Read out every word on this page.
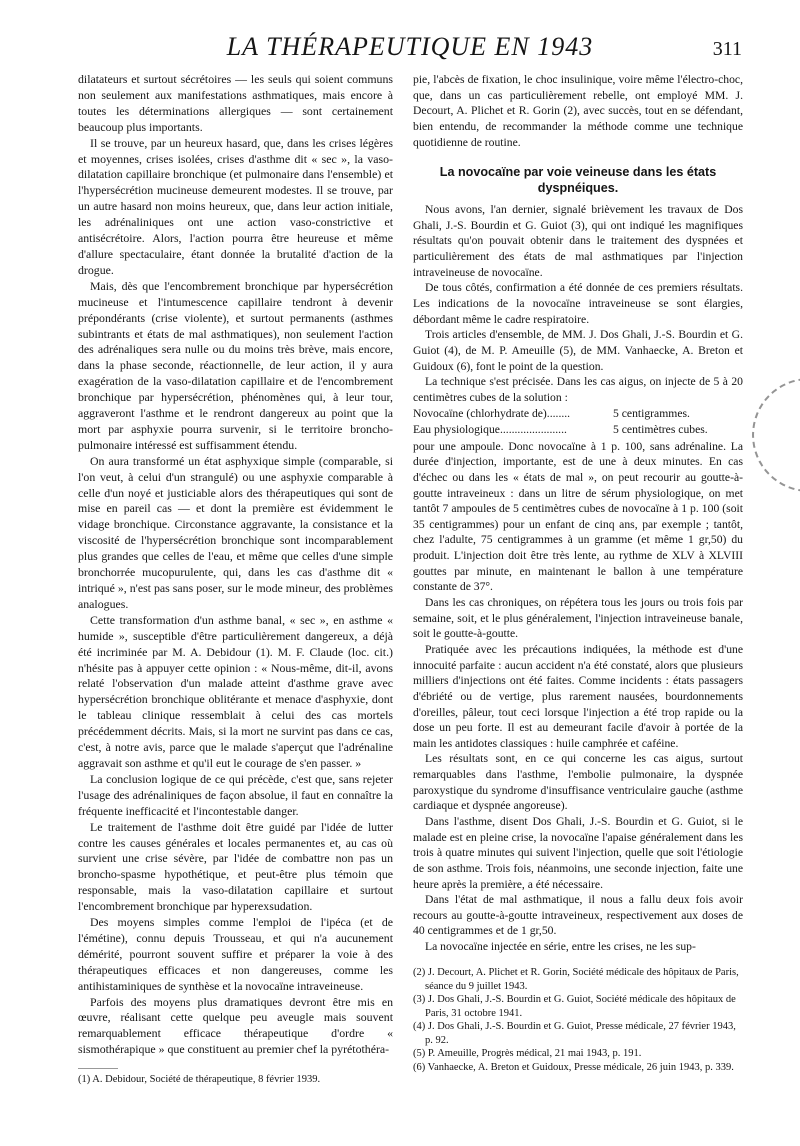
LA THÉRAPEUTIQUE EN 1943	311

dilatateurs et surtout sécrétoires — les seuls qui soient communs non seulement aux manifestations asthmatiques, mais encore à toutes les déterminations allergiques — sont certainement beaucoup plus importants.

Il se trouve, par un heureux hasard, que, dans les crises légères et moyennes, crises isolées, crises d'asthme dit « sec », la vaso-dilatation capillaire bronchique (et pulmonaire dans l'ensemble) et l'hypersécrétion mucineuse demeurent modestes. Il se trouve, par un autre hasard non moins heureux, que, dans leur action initiale, les adrénaliniques ont une action vaso-constrictive et antisécrétoire. Alors, l'action pourra être heureuse et même d'allure spectaculaire, étant donnée la brutalité d'action de la drogue.

Mais, dès que l'encombrement bronchique par hypersécrétion mucineuse et l'intumescence capillaire tendront à devenir prépondérants (crise violente), et surtout permanents (asthmes subintrants et états de mal asthmatiques), non seulement l'action des adrénaliques sera nulle ou du moins très brève, mais encore, dans la phase seconde, réactionnelle, de leur action, il y aura exagération de la vaso-dilatation capillaire et de l'encombrement bronchique par hypersécrétion, phénomènes qui, à leur tour, aggraveront l'asthme et le rendront dangereux au point que la mort par asphyxie pourra survenir, si le territoire broncho-pulmonaire intéressé est suffisamment étendu.

On aura transformé un état asphyxique simple (comparable, si l'on veut, à celui d'un strangulé) ou une asphyxie comparable à celle d'un noyé et justiciable alors des thérapeutiques qui sont de mise en pareil cas — et dont la première est évidemment le vidage bronchique. Circonstance aggravante, la consistance et la viscosité de l'hypersécrétion bronchique sont incomparablement plus grandes que celles de l'eau, et même que celles d'une simple bronchorrée mucopurulente, qui, dans les cas d'asthme dit « intriqué », n'est pas sans poser, sur le mode mineur, des problèmes analogues.

Cette transformation d'un asthme banal, « sec », en asthme « humide », susceptible d'être particulièrement dangereux, a déjà été incriminée par M. A. Debidour (1). M. F. Claude (loc. cit.) n'hésite pas à appuyer cette opinion : « Nous-même, dit-il, avons relaté l'observation d'un malade atteint d'asthme grave avec hypersécrétion bronchique oblitérante et menace d'asphyxie, dont le tableau clinique ressemblait à celui des cas mortels précédemment décrits. Mais, si la mort ne survint pas dans ce cas, c'est, à notre avis, parce que le malade s'aperçut que l'adrénaline aggravait son asthme et qu'il eut le courage de s'en passer. »

La conclusion logique de ce qui précède, c'est que, sans rejeter l'usage des adrénaliniques de façon absolue, il faut en connaître la fréquente inefficacité et l'incontestable danger.

Le traitement de l'asthme doit être guidé par l'idée de lutter contre les causes générales et locales permanentes et, au cas où survient une crise sévère, par l'idée de combattre non pas un broncho-spasme hypothétique, et peut-être plus témoin que responsable, mais la vaso-dilatation capillaire et surtout l'encombrement bronchique par hyperexsudation.

Des moyens simples comme l'emploi de l'ipéca (et de l'émétine), connu depuis Trousseau, et qui n'a aucunement démérité, pourront souvent suffire et préparer la voie à des thérapeutiques efficaces et non dangereuses, comme les antihistaminiques de synthèse et la novocaïne intraveineuse.

Parfois des moyens plus dramatiques devront être mis en œuvre, réalisant cette quelque peu aveugle mais souvent remarquablement efficace thérapeutique d'ordre « sismothérapique » que constituent au premier chef la pyrétothéra-

(1) A. Debidour, Société de thérapeutique, 8 février 1939.

pie, l'abcès de fixation, le choc insulinique, voire même l'électro-choc, que, dans un cas particulièrement rebelle, ont employé MM. J. Decourt, A. Plichet et R. Gorin (2), avec succès, tout en se défendant, bien entendu, de recommander la méthode comme une technique quotidienne de routine.

La novocaïne par voie veineuse dans les états dyspnéiques.

Nous avons, l'an dernier, signalé brièvement les travaux de Dos Ghali, J.-S. Bourdin et G. Guiot (3), qui ont indiqué les magnifiques résultats qu'on pouvait obtenir dans le traitement des dyspnées et particulièrement des états de mal asthmatiques par l'injection intraveineuse de novocaïne.

De tous côtés, confirmation a été donnée de ces premiers résultats. Les indications de la novocaïne intraveineuse se sont élargies, débordant même le cadre respiratoire.

Trois articles d'ensemble, de MM. J. Dos Ghali, J.-S. Bourdin et G. Guiot (4), de M. P. Ameuille (5), de MM. Vanhaecke, A. Breton et Guidoux (6), font le point de la question.

La technique s'est précisée. Dans les cas aigus, on injecte de 5 à 20 centimètres cubes de la solution :

Novocaïne (chlorhydrate de)........	5 centigrammes.
Eau physiologique.......................	5 centimètres cubes.

pour une ampoule. Donc novocaïne à 1 p. 100, sans adrénaline. La durée d'injection, importante, est de une à deux minutes. En cas d'échec ou dans les « états de mal », on peut recourir au goutte-à-goutte intraveineux : dans un litre de sérum physiologique, on met tantôt 7 ampoules de 5 centimètres cubes de novocaïne à 1 p. 100 (soit 35 centigrammes) pour un enfant de cinq ans, par exemple ; tantôt, chez l'adulte, 75 centigrammes à un gramme (et même 1 gr,50) du produit. L'injection doit être très lente, au rythme de XLV à XLVIII gouttes par minute, en maintenant le ballon à une température constante de 37°.

Dans les cas chroniques, on répétera tous les jours ou trois fois par semaine, soit, et le plus généralement, l'injection intraveineuse banale, soit le goutte-à-goutte.

Pratiquée avec les précautions indiquées, la méthode est d'une innocuité parfaite : aucun accident n'a été constaté, alors que plusieurs milliers d'injections ont été faites. Comme incidents : états passagers d'ébriété ou de vertige, plus rarement nausées, bourdonnements d'oreilles, pâleur, tout ceci lorsque l'injection a été trop rapide ou la dose un peu forte. Il est au demeurant facile d'avoir à portée de la main les antidotes classiques : huile camphrée et caféine.

Les résultats sont, en ce qui concerne les cas aigus, surtout remarquables dans l'asthme, l'embolie pulmonaire, la dyspnée paroxystique du syndrome d'insuffisance ventriculaire gauche (asthme cardiaque et dyspnée angoreuse).

Dans l'asthme, disent Dos Ghali, J.-S. Bourdin et G. Guiot, si le malade est en pleine crise, la novocaïne l'apaise généralement dans les trois à quatre minutes qui suivent l'injection, quelle que soit l'étiologie de son asthme. Trois fois, néanmoins, une seconde injection, faite une heure après la première, a été nécessaire.

Dans l'état de mal asthmatique, il nous a fallu deux fois avoir recours au goutte-à-goutte intraveineux, respectivement aux doses de 40 centigrammes et de 1 gr,50.

La novocaïne injectée en série, entre les crises, ne les sup-

(2) J. Decourt, A. Plichet et R. Gorin, Société médicale des hôpitaux de Paris, séance du 9 juillet 1943.

(3) J. Dos Ghali, J.-S. Bourdin et G. Guiot, Société médicale des hôpitaux de Paris, 31 octobre 1941.

(4) J. Dos Ghali, J.-S. Bourdin et G. Guiot, Presse médicale, 27 février 1943, p. 92.

(5) P. Ameuille, Progrès médical, 21 mai 1943, p. 191.

(6) Vanhaecke, A. Breton et Guidoux, Presse médicale, 26 juin 1943, p. 339.
